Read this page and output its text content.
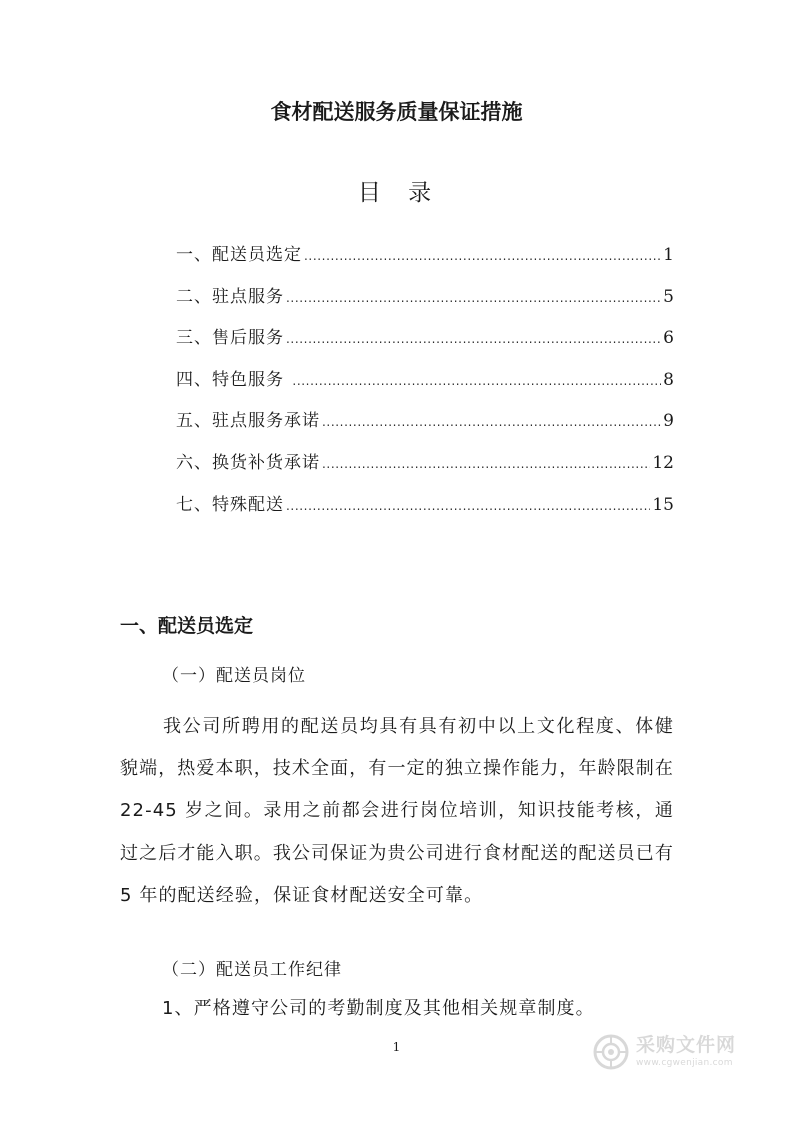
食材配送服务质量保证措施
目 录
一、配送员选定 .....	1
二、驻点服务 .....	5
三、售后服务 .....	6
四、特色服务 .....	8
五、驻点服务承诺 .....	9
六、换货补货承诺 .....	12
七、特殊配送 .....	15
一、配送员选定
（一）配送员岗位
我公司所聘用的配送员均具有具有初中以上文化程度、体健貌端，热爱本职，技术全面，有一定的独立操作能力，年龄限制在 22-45 岁之间。录用之前都会进行岗位培训，知识技能考核，通过之后才能入职。我公司保证为贵公司进行食材配送的配送员已有 5 年的配送经验，保证食材配送安全可靠。
（二）配送员工作纪律
1、严格遵守公司的考勤制度及其他相关规章制度。
1	采购文件网
www.cgwenjian.com
